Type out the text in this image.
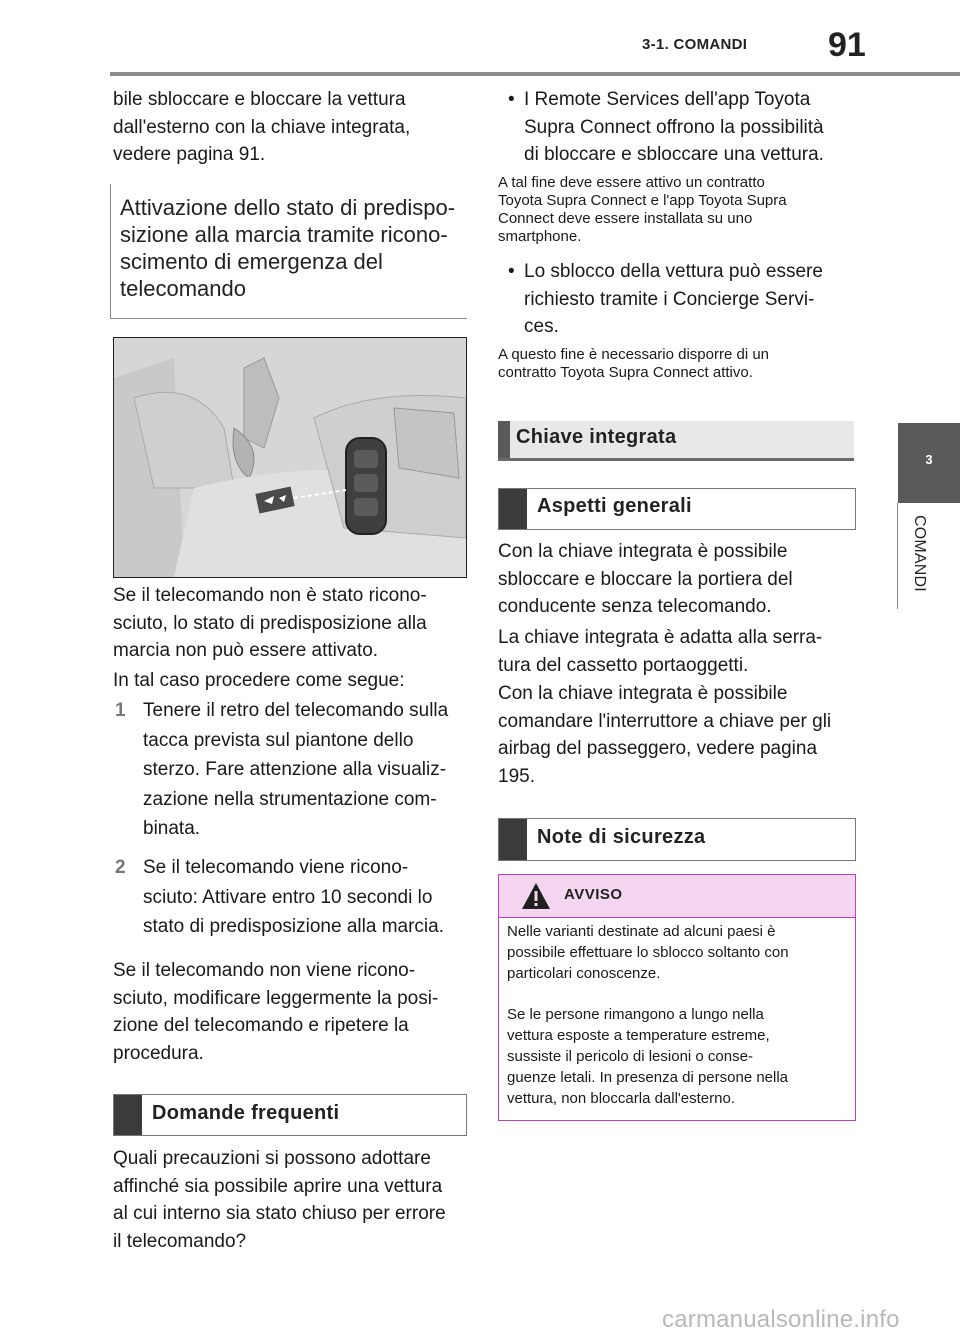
3-1. COMANDI 91
3
COMANDI
bile sbloccare e bloccare la vettura
dall'esterno con la chiave integrata,
vedere pagina 91.
Attivazione dello stato di predispo-
sizione alla marcia tramite ricono-
scimento di emergenza del
telecomando
Se il telecomando non è stato ricono-
sciuto, lo stato di predisposizione alla
marcia non può essere attivato.
In tal caso procedere come segue:
1 Tenere il retro del telecomando sulla
tacca prevista sul piantone dello
sterzo. Fare attenzione alla visualiz-
zazione nella strumentazione com-
binata.
2 Se il telecomando viene ricono-
sciuto: Attivare entro 10 secondi lo
stato di predisposizione alla marcia.
Se il telecomando non viene ricono-
sciuto, modificare leggermente la posi-
zione del telecomando e ripetere la
procedura.
Domande frequenti
Quali precauzioni si possono adottare
affinché sia possibile aprire una vettura
al cui interno sia stato chiuso per errore
il telecomando?
• I Remote Services dell'app Toyota
Supra Connect offrono la possibilità
di bloccare e sbloccare una vettura.
A tal fine deve essere attivo un contratto
Toyota Supra Connect e l'app Toyota Supra
Connect deve essere installata su uno
smartphone.
• Lo sblocco della vettura può essere
richiesto tramite i Concierge Servi-
ces.
A questo fine è necessario disporre di un
contratto Toyota Supra Connect attivo.
Chiave integrata
Aspetti generali
Con la chiave integrata è possibile
sbloccare e bloccare la portiera del
conducente senza telecomando.
La chiave integrata è adatta alla serra-
tura del cassetto portaoggetti.
Con la chiave integrata è possibile
comandare l'interruttore a chiave per gli
airbag del passeggero, vedere pagina
195.
Note di sicurezza
AVVISO
Nelle varianti destinate ad alcuni paesi è
possibile effettuare lo sblocco soltanto con
particolari conoscenze.
Se le persone rimangono a lungo nella
vettura esposte a temperature estreme,
sussiste il pericolo di lesioni o conse-
guenze letali. In presenza di persone nella
vettura, non bloccarla dall'esterno.
carmanualsonline.info
